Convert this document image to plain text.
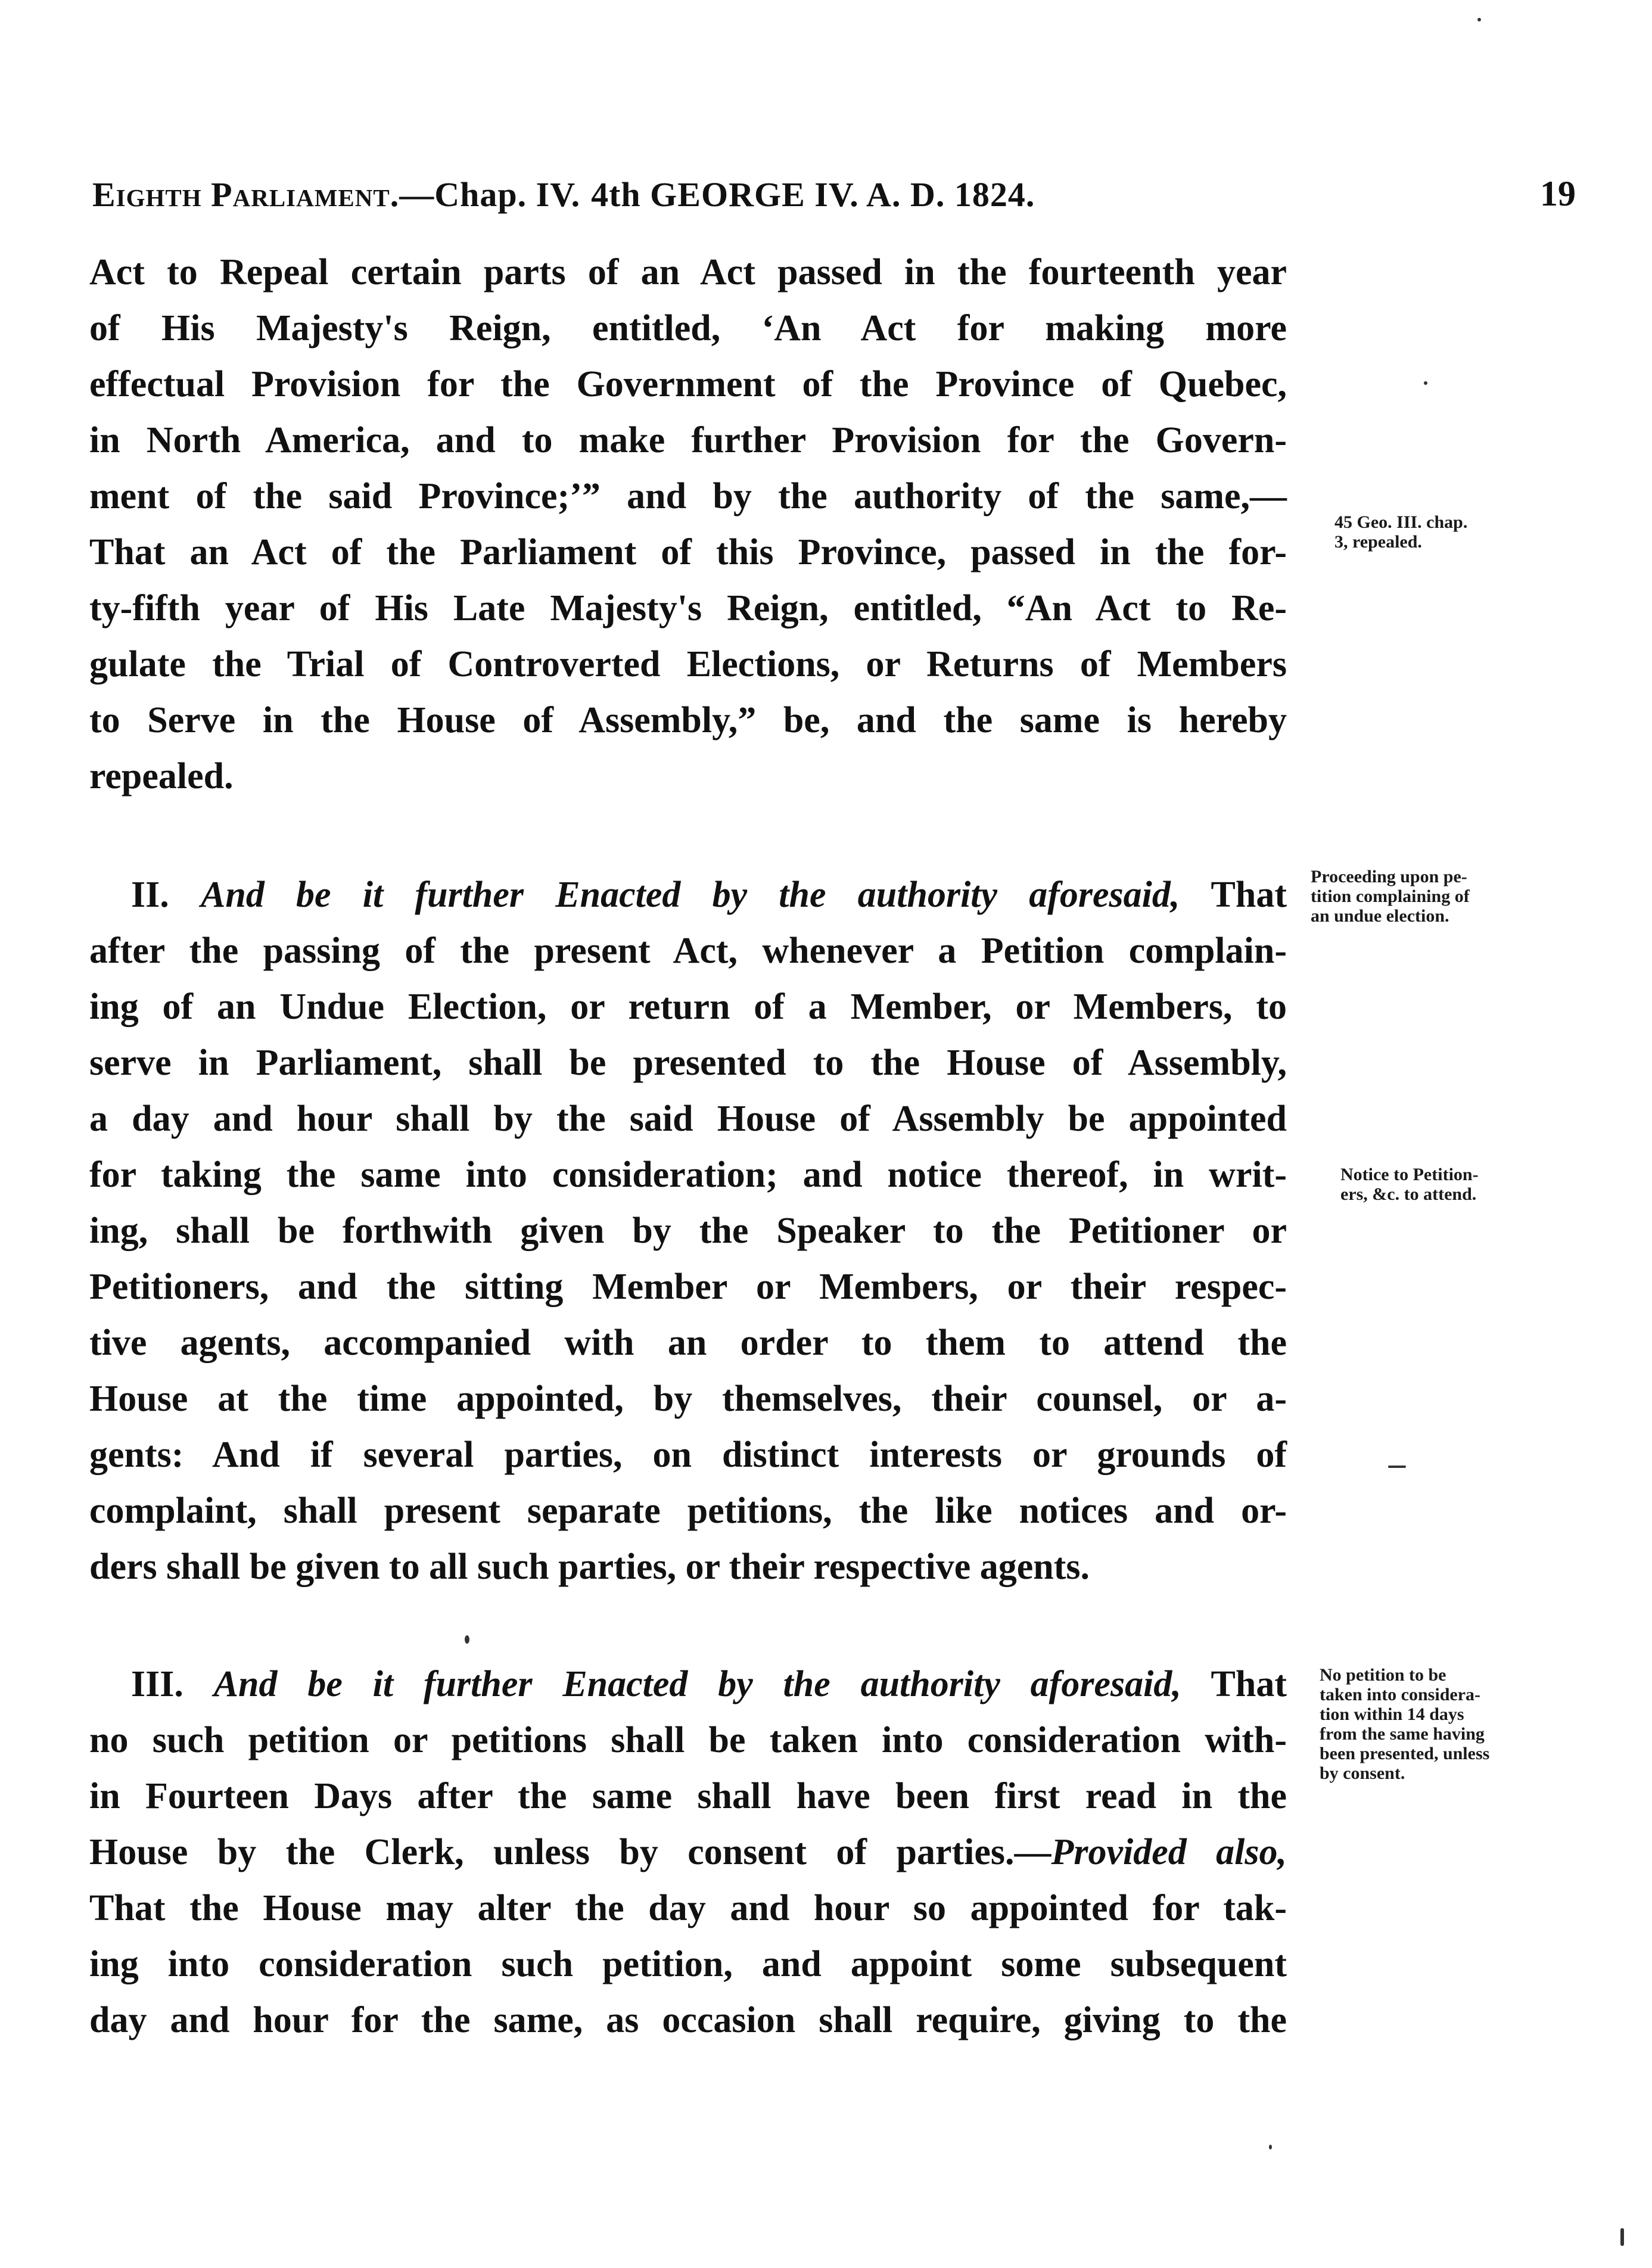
Eighth Parliament. —Chap. IV. 4th GEORGE IV. A. D. 1824.	19
Act to Repeal certain parts of an Act passed in the fourteenth year
of His Majesty's Reign, entitled, ‘An Act for making more
effectual Provision for the Government of the Province of Quebec,
in North America, and to make further Provision for the Govern-
ment of the said Province;’” and by the authority of the same,—
That an Act of the Parliament of this Province, passed in the for-
ty-fifth year of His Late Majesty's Reign, entitled, “An Act to Re-
gulate the Trial of Controverted Elections, or Returns of Members
to Serve in the House of Assembly,” be, and the same is hereby
repealed.
II. And be it further Enacted by the authority aforesaid, That
after the passing of the present Act, whenever a Petition complain-
ing of an Undue Election, or return of a Member, or Members, to
serve in Parliament, shall be presented to the House of Assembly,
a day and hour shall by the said House of Assembly be appointed
for taking the same into consideration; and notice thereof, in writ-
ing, shall be forthwith given by the Speaker to the Petitioner or
Petitioners, and the sitting Member or Members, or their respec-
tive agents, accompanied with an order to them to attend the
House at the time appointed, by themselves, their counsel, or a-
gents: And if several parties, on distinct interests or grounds of
complaint, shall present separate petitions, the like notices and or-
ders shall be given to all such parties, or their respective agents.
III. And be it further Enacted by the authority aforesaid, That
no such petition or petitions shall be taken into consideration with-
in Fourteen Days after the same shall have been first read in the
House by the Clerk, unless by consent of parties.—Provided also,
That the House may alter the day and hour so appointed for tak-
ing into consideration such petition, and appoint some subsequent
day and hour for the same, as occasion shall require, giving to the
45 Geo. III. chap.
3, repealed.
Proceeding upon pe-
tition complaining of
an undue election.
Notice to Petition-
ers, &c. to attend.
No petition to be
taken into considera-
tion within 14 days
from the same having
been presented, unless
by consent.
